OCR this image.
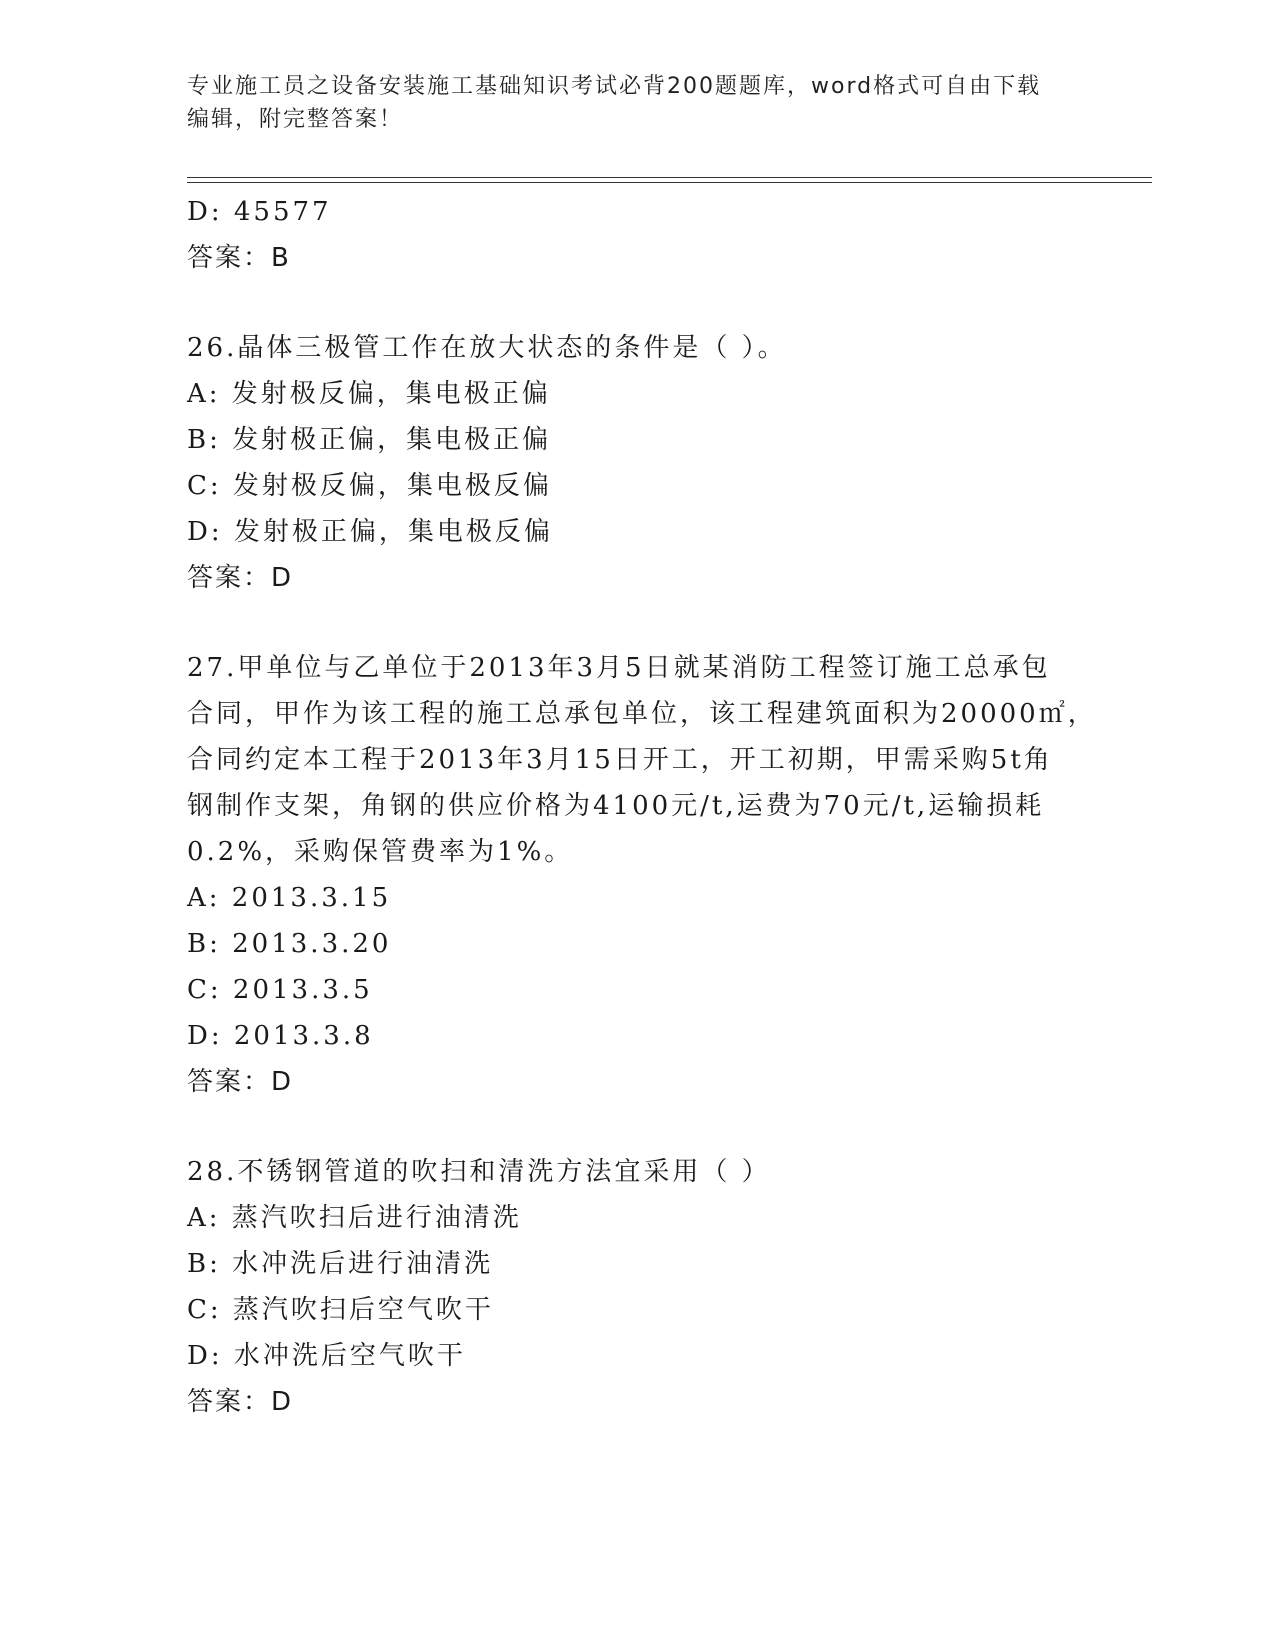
专业施工员之设备安装施工基础知识考试必背200题题库，word格式可自由下载
编辑，附完整答案！
D: 45577
答案：B
26.晶体三极管工作在放大状态的条件是（ ）。
A: 发射极反偏，集电极正偏
B: 发射极正偏，集电极正偏
C: 发射极反偏，集电极反偏
D: 发射极正偏，集电极反偏
答案：D
27.甲单位与乙单位于2013年3月5日就某消防工程签订施工总承包
合同，甲作为该工程的施工总承包单位，该工程建筑面积为20000㎡，
合同约定本工程于2013年3月15日开工，开工初期，甲需采购5t角
钢制作支架，角钢的供应价格为4100元/t,运费为70元/t,运输损耗
0.2%，采购保管费率为1%。
A: 2013.3.15
B: 2013.3.20
C: 2013.3.5
D: 2013.3.8
答案：D
28.不锈钢管道的吹扫和清洗方法宜采用（ ）
A: 蒸汽吹扫后进行油清洗
B: 水冲洗后进行油清洗
C: 蒸汽吹扫后空气吹干
D: 水冲洗后空气吹干
答案：D
